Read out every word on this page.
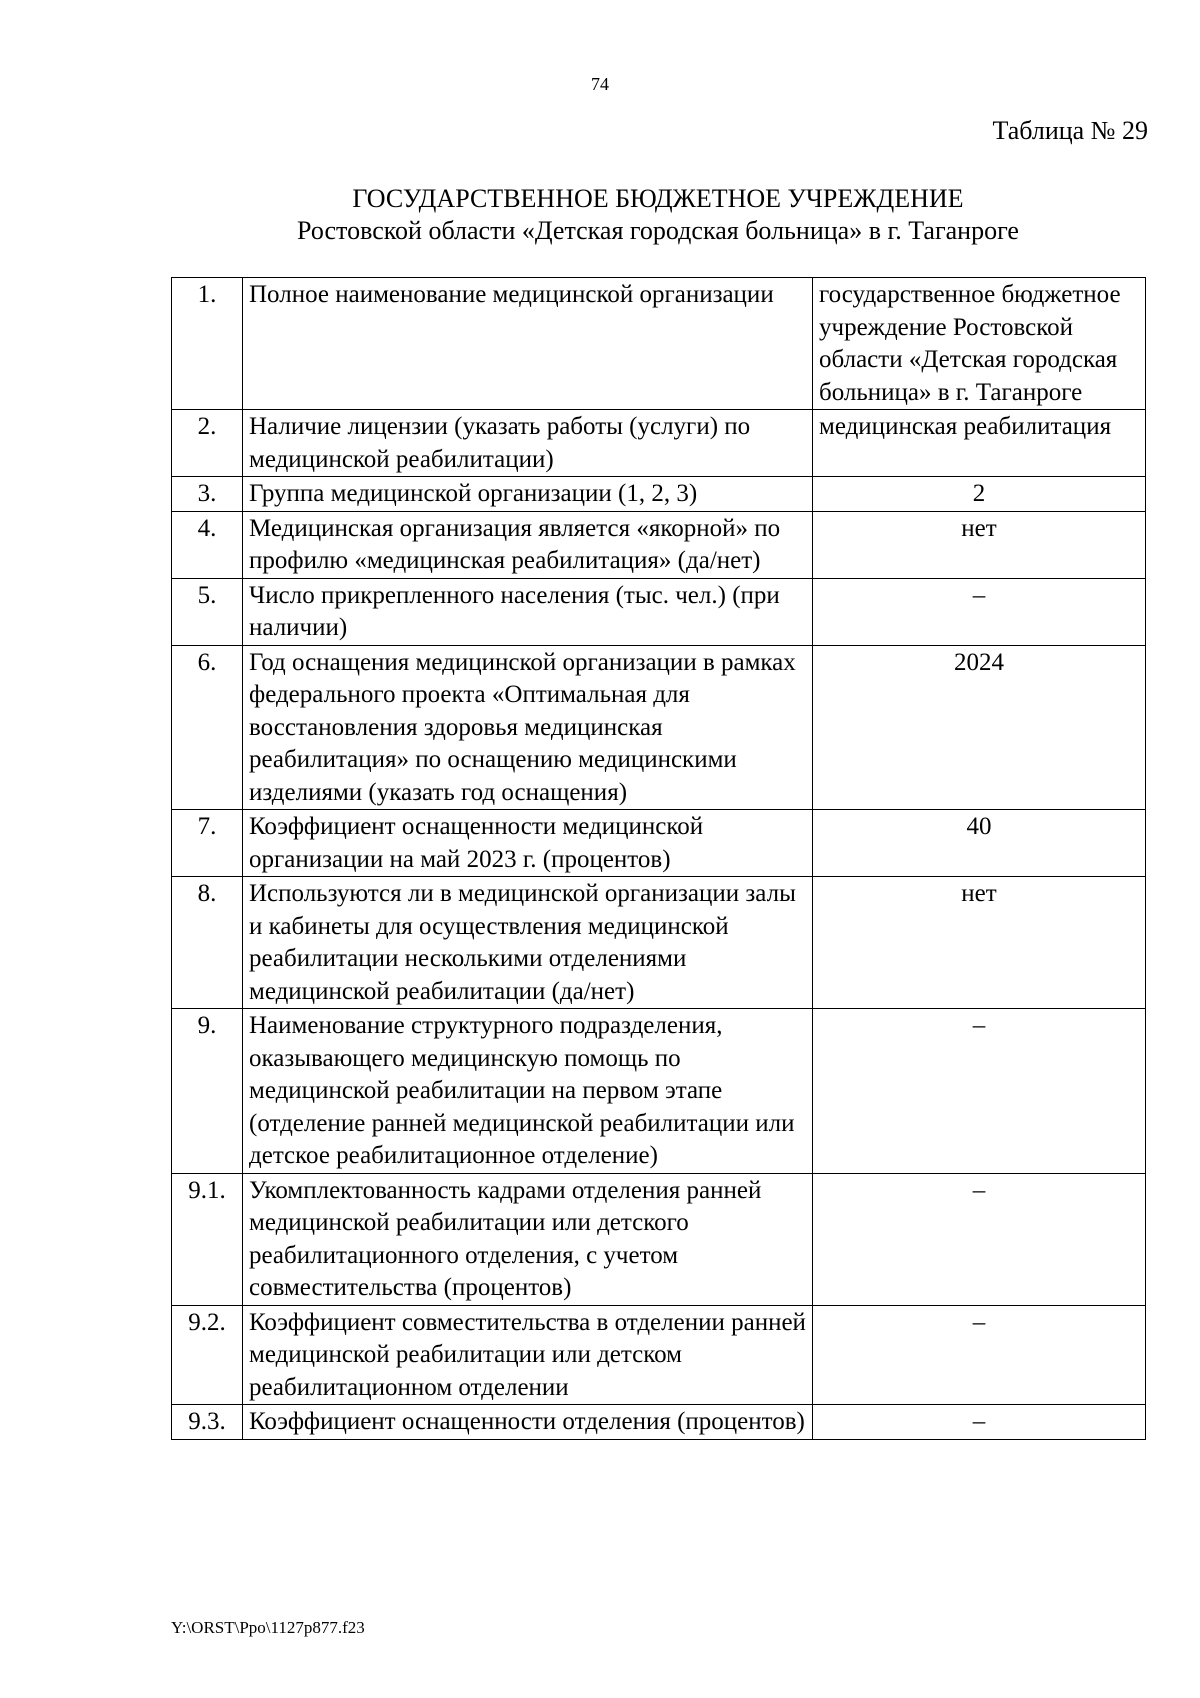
74
Таблица № 29
ГОСУДАРСТВЕННОЕ БЮДЖЕТНОЕ УЧРЕЖДЕНИЕ
Ростовской области «Детская городская больница» в г. Таганроге
1.	Полное наименование медицинской организации	государственное бюджетное учреждение Ростовской области «Детская городская больница» в г. Таганроге
2.	Наличие лицензии (указать работы (услуги) по медицинской реабилитации)	медицинская реабилитация
3.	Группа медицинской организации (1, 2, 3)	2
4.	Медицинская организация является «якорной» по профилю «медицинская реабилитация» (да/нет)	нет
5.	Число прикрепленного населения (тыс. чел.) (при наличии)	–
6.	Год оснащения медицинской организации в рамках федерального проекта «Оптимальная для восстановления здоровья медицинская реабилитация» по оснащению медицинскими изделиями (указать год оснащения)	2024
7.	Коэффициент оснащенности медицинской организации на май 2023 г. (процентов)	40
8.	Используются ли в медицинской организации залы и кабинеты для осуществления медицинской реабилитации несколькими отделениями медицинской реабилитации (да/нет)	нет
9.	Наименование структурного подразделения, оказывающего медицинскую помощь по медицинской реабилитации на первом этапе (отделение ранней медицинской реабилитации или детское реабилитационное отделение)	–
9.1.	Укомплектованность кадрами отделения ранней медицинской реабилитации или детского реабилитационного отделения, с учетом совместительства (процентов)	–
9.2.	Коэффициент совместительства в отделении ранней медицинской реабилитации или детском реабилитационном отделении	–
9.3.	Коэффициент оснащенности отделения (процентов)	–
Y:\ORST\Ppo\1127p877.f23
